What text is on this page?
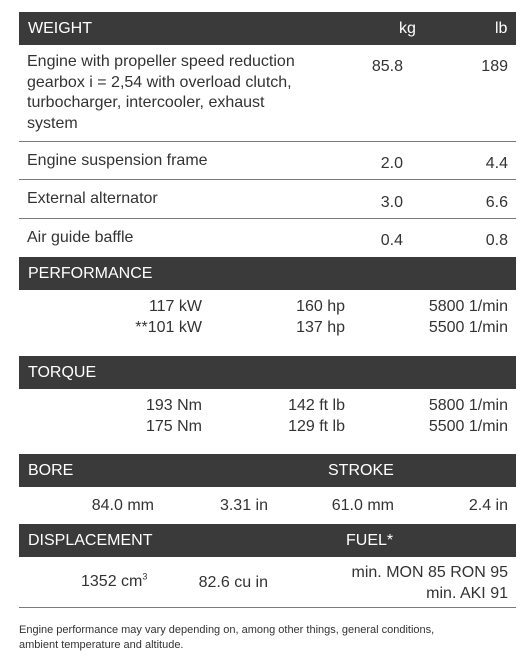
WEIGHT	kg	lb
Engine with propeller speed reduction
gearbox i = 2,54 with overload clutch,
turbocharger, intercooler, exhaust
system
85.8	189
Engine suspension frame	2.0	4.4
External alternator	3.0	6.6
Air guide baffle	0.4	0.8
PERFORMANCE
117 kW	160 hp	5800 1/min
**101 kW	137 hp	5500 1/min
TORQUE
193 Nm	142 ft lb	5800 1/min
175 Nm	129 ft lb	5500 1/min
BORE	STROKE
84.0 mm	3.31 in	61.0 mm	2.4 in
DISPLACEMENT	FUEL*
1352 $cm^3$	82.6 cu in
min. MON 85 RON 95
min. AKI 91
Engine performance may vary depending on, among other things, general conditions,
ambient temperature and altitude.
